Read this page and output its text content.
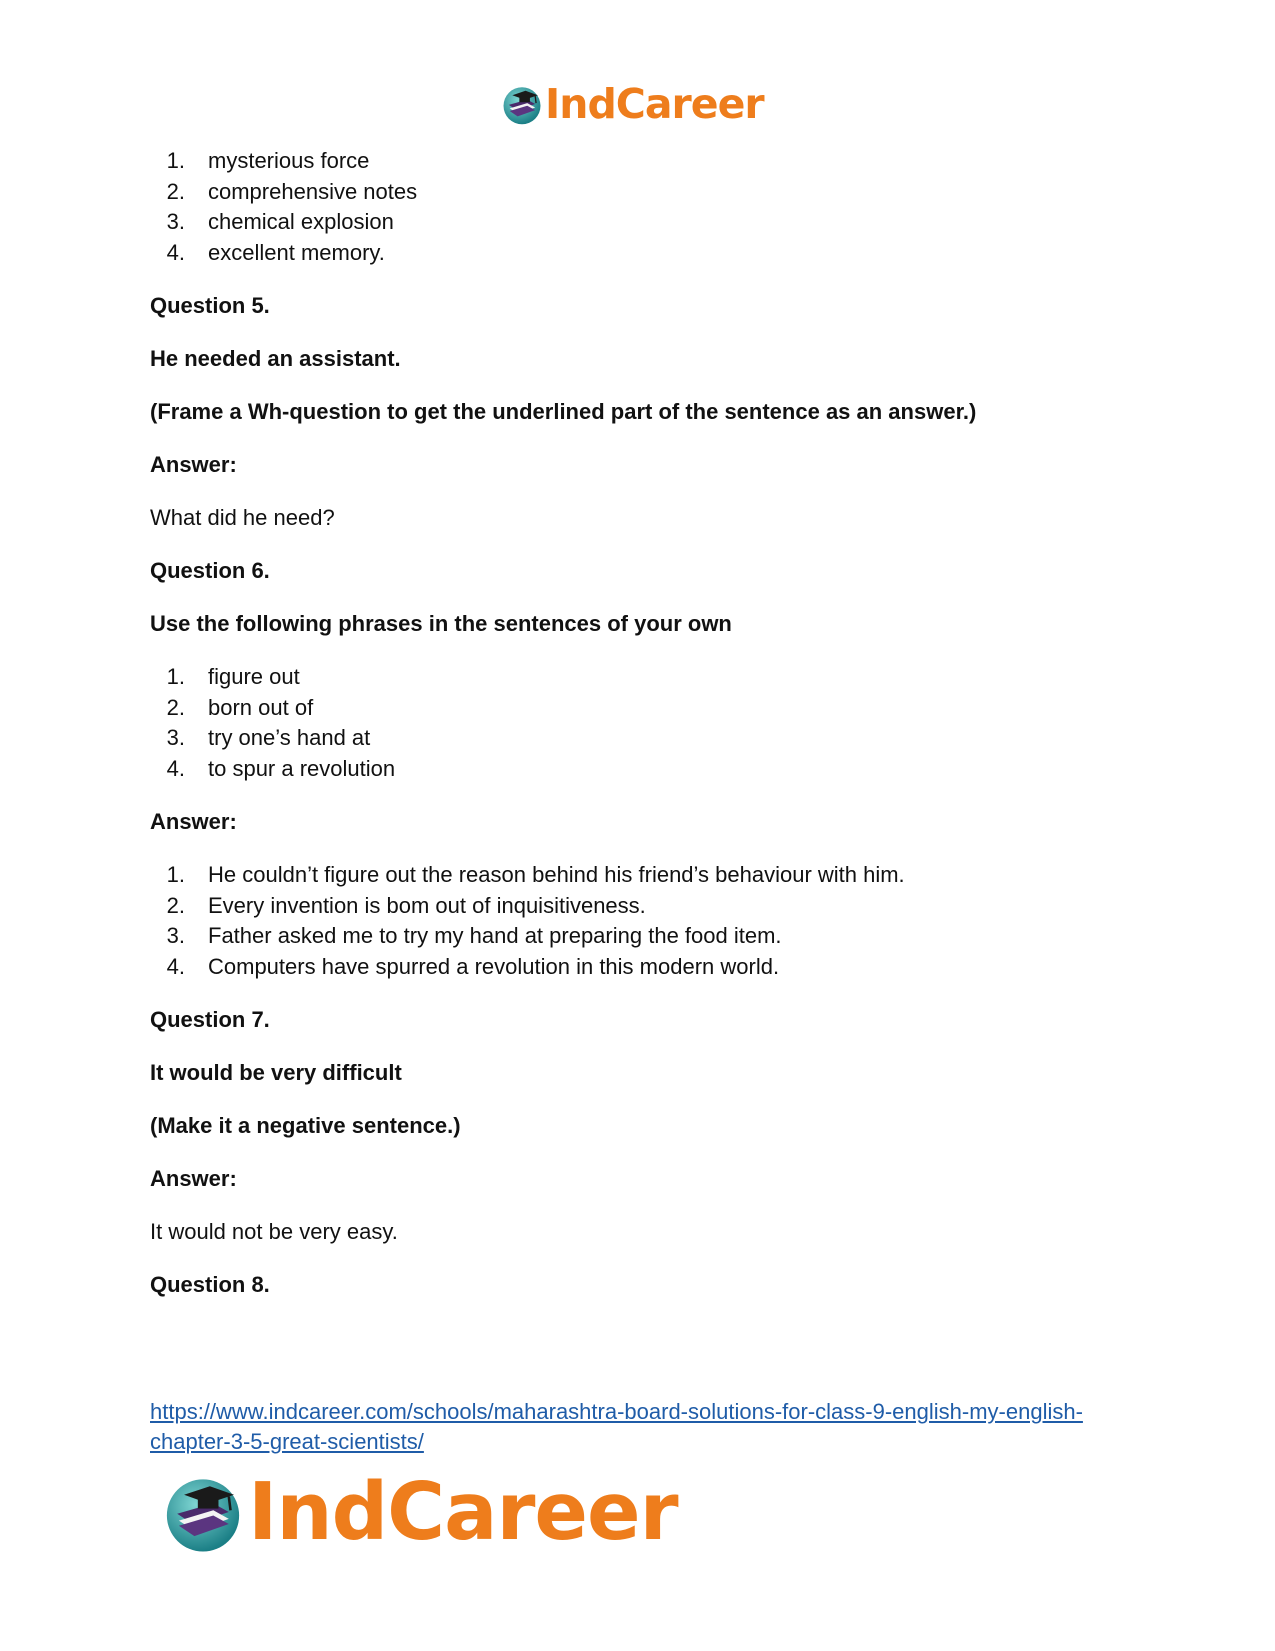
IndCareer
1. mysterious force
2. comprehensive notes
3. chemical explosion
4. excellent memory.

Question 5.

He needed an assistant.

(Frame a Wh-question to get the underlined part of the sentence as an answer.)

Answer:

What did he need?

Question 6.

Use the following phrases in the sentences of your own

1. figure out
2. born out of
3. try one’s hand at
4. to spur a revolution

Answer:

1. He couldn’t figure out the reason behind his friend’s behaviour with him.
2. Every invention is bom out of inquisitiveness.
3. Father asked me to try my hand at preparing the food item.
4. Computers have spurred a revolution in this modern world.

Question 7.

It would be very difficult

(Make it a negative sentence.)

Answer:

It would not be very easy.

Question 8.

https://www.indcareer.com/schools/maharashtra-board-solutions-for-class-9-english-my-english-
chapter-3-5-great-scientists/
IndCareer
